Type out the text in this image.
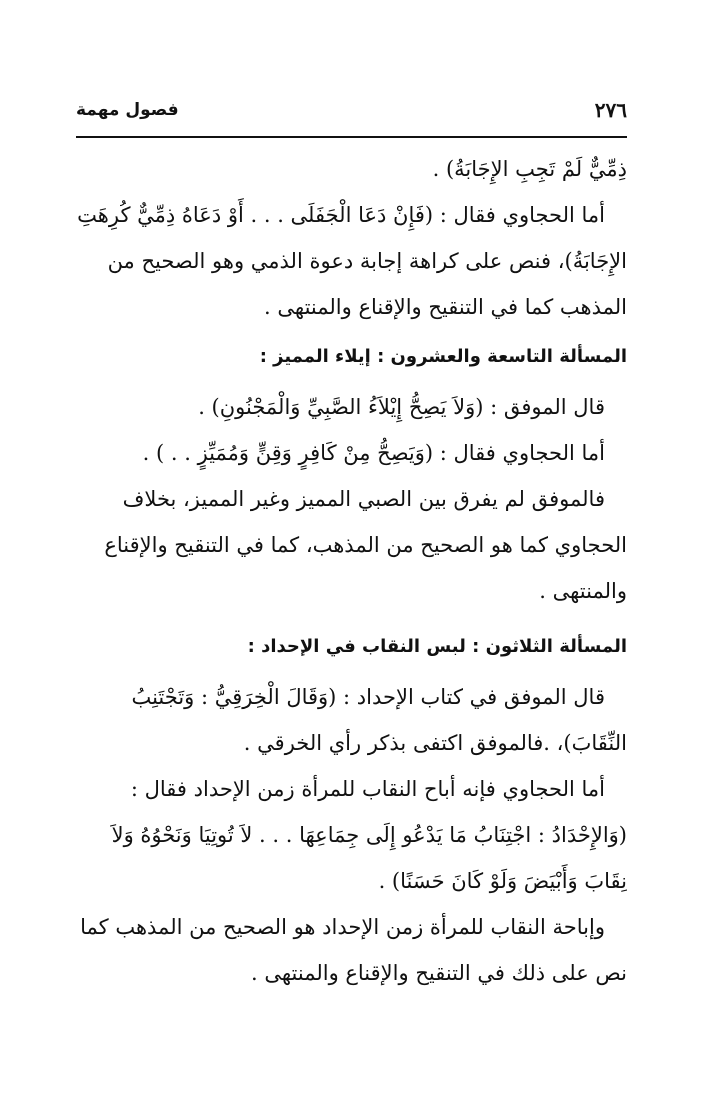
٢٧٦
فصول مهمة
ذِمِّيٌّ لَمْ تَجِبِ الإِجَابَةُ) .
أما الحجاوي فقال : (فَإِنْ دَعَا الْجَفَلَى . . . أَوْ دَعَاهُ ذِمِّيٌّ كُرِهَتِ
الإِجَابَةُ)، فنص على كراهة إجابة دعوة الذمي وهو الصحيح من
المذهب كما في التنقيح والإقناع والمنتهى .
المسألة التاسعة والعشرون : إيلاء المميز :
قال الموفق : (وَلاَ يَصِحُّ إِيْلاَءُ الصَّبِيِّ وَالْمَجْنُونِ) .
أما الحجاوي فقال : (وَيَصِحُّ مِنْ كَافِرٍ وَقِنٍّ وَمُمَيِّزٍ . . ) .
فالموفق لم يفرق بين الصبي المميز وغير المميز، بخلاف
الحجاوي كما هو الصحيح من المذهب، كما في التنقيح والإقناع
والمنتهى .
المسألة الثلاثون : لبس النقاب في الإحداد :
قال الموفق في كتاب الإحداد : (وَقَالَ الْخِرَقِيُّ : وَتَجْتَنِبُ
النِّقَابَ)، .فالموفق اكتفى بذكر رأي الخرقي .
أما الحجاوي فإنه أباح النقاب للمرأة زمن الإحداد فقال :
(وَالإِحْدَادُ : اجْتِنَابُ مَا يَدْعُو إِلَى جِمَاعِهَا . . . لاَ تُوتِيَا وَنَحْوُهُ وَلاَ
نِقَابَ وَأَبْيَضَ وَلَوْ كَانَ حَسَنًا) .
وإباحة النقاب للمرأة زمن الإحداد هو الصحيح من المذهب كما
نص على ذلك في التنقيح والإقناع والمنتهى .
